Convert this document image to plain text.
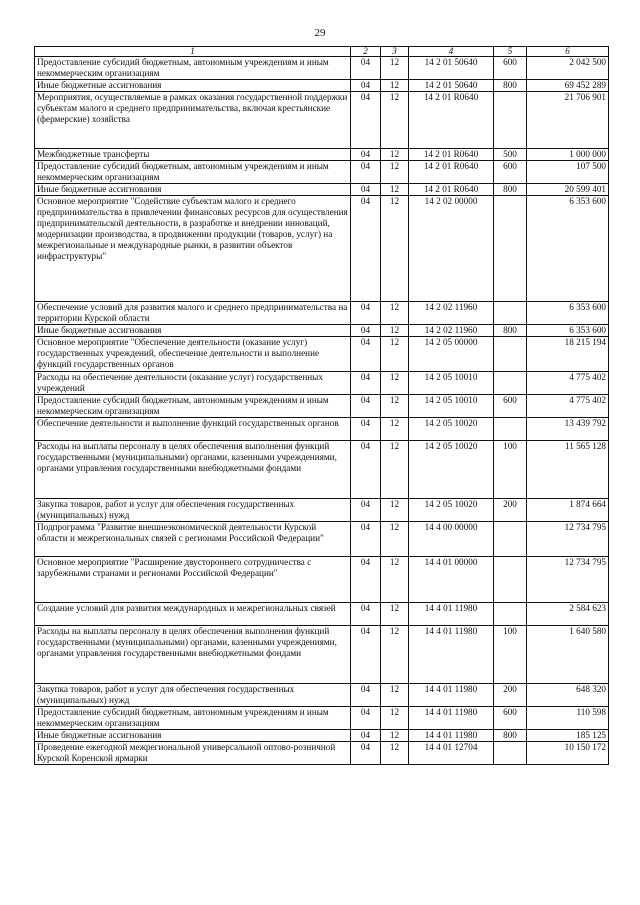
29
1	2	3	4	5	6
Предоставление субсидий бюджетным, автономным учреждениям и иным некоммерческим организациям	04	12	14 2 01 50640	600	2 042 500
Иные бюджетные ассигнования	04	12	14 2 01 50640	800	69 452 289
Мероприятия, осуществляемые в рамках оказания государственной поддержки субъектам малого и среднего предпринимательства, включая крестьянские (фермерские) хозяйства	04	12	14 2 01 R0640		21 706 901
Межбюджетные трансферты	04	12	14 2 01 R0640	500	1 000 000
Предоставление субсидий бюджетным, автономным учреждениям и иным некоммерческим организациям	04	12	14 2 01 R0640	600	107 500
Иные бюджетные ассигнования	04	12	14 2 01 R0640	800	20 599 401
Основное мероприятие "Содействие субъектам малого и среднего предпринимательства в привлечении финансовых ресурсов для осуществления предпринимательской деятельности, в разработке и внедрении инноваций, модернизации производства, в продвижении продукции (товаров, услуг) на межрегиональные и международные рынки, в развитии объектов инфраструктуры"	04	12	14 2 02 00000		6 353 600
Обеспечение условий для развития малого и среднего предпринимательства на территории Курской области	04	12	14 2 02 11960		6 353 600
Иные бюджетные ассигнования	04	12	14 2 02 11960	800	6 353 600
Основное мероприятие "Обеспечение деятельности (оказание услуг) государственных учреждений, обеспечение деятельности и выполнение функций государственных органов	04	12	14 2 05 00000		18 215 194
Расходы на обеспечение деятельности (оказание услуг) государственных учреждений	04	12	14 2 05 10010		4 775 402
Предоставление субсидий бюджетным, автономным учреждениям и иным некоммерческим организациям	04	12	14 2 05 10010	600	4 775 402
Обеспечение деятельности и выполнение функций государственных органов	04	12	14 2 05 10020		13 439 792
Расходы на выплаты персоналу в целях обеспечения выполнения функций государственными (муниципальными) органами, казенными учреждениями, органами управления государственными внебюджетными фондами	04	12	14 2 05 10020	100	11 565 128
Закупка товаров, работ и услуг для обеспечения государственных (муниципальных) нужд	04	12	14 2 05 10020	200	1 874 664
Подпрограмма "Развитие внешнеэкономической деятельности Курской области и межрегиональных связей с регионами Российской Федерации"	04	12	14 4 00 00000		12 734 795
Основное мероприятие "Расширение двустороннего сотрудничества с зарубежными странами и регионами Российской Федерации"	04	12	14 4 01 00000		12 734 795
Создание условий для развития международных и межрегиональных связей	04	12	14 4 01 11980		2 584 623
Расходы на выплаты персоналу в целях обеспечения выполнения функций государственными (муниципальными) органами, казенными учреждениями, органами управления государственными внебюджетными фондами	04	12	14 4 01 11980	100	1 640 580
Закупка товаров, работ и услуг для обеспечения государственных (муниципальных) нужд	04	12	14 4 01 11980	200	648 320
Предоставление субсидий бюджетным, автономным учреждениям и иным некоммерческим организациям	04	12	14 4 01 11980	600	110 598
Иные бюджетные ассигнования	04	12	14 4 01 11980	800	185 125
Проведение ежегодной межрегиональной универсальной оптово-розничной Курской Коренской ярмарки	04	12	14 4 01 12704		10 150 172
